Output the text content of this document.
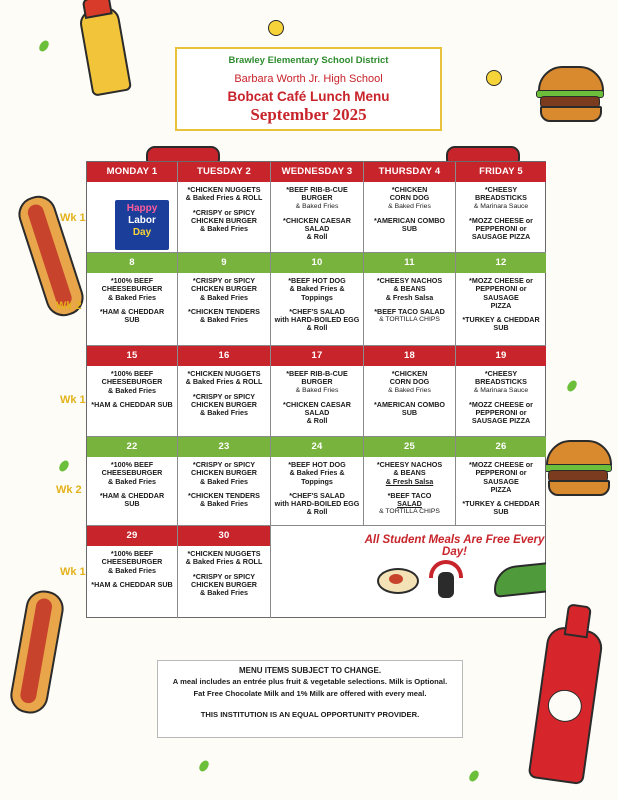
Wk 1
Wk 2
Wk 1
Wk 2
Wk 1
Brawley Elementary School District
Barbara Worth Jr. High School
Bobcat Café Lunch Menu
September 2025
All Student Meals Are Free Every Day!
MONDAY 1
Happy
Labor
Day
TUESDAY 2
*CHICKEN NUGGETS
& Baked Fries & ROLL
*CRISPY or SPICY
CHICKEN BURGER
& Baked Fries
WEDNESDAY 3
*BEEF RIB-B-CUE BURGER
& Baked Fries
*CHICKEN CAESAR SALAD
& Roll
THURSDAY 4
*CHICKEN
CORN DOG
& Baked Fries
*AMERICAN COMBO
SUB
FRIDAY 5
*CHEESY BREADSTICKS
& Marinara Sauce
*MOZZ CHEESE or
PEPPERONI or
SAUSAGE PIZZA
8
*100% BEEF
CHEESEBURGER
& Baked Fries
*HAM & CHEDDAR
SUB
9
*CRISPY or SPICY
CHICKEN BURGER
& Baked Fries
*CHICKEN TENDERS
& Baked Fries
10
*BEEF HOT DOG
& Baked Fries & Toppings
*CHEF'S SALAD
with HARD-BOILED EGG & Roll
11
*CHEESY NACHOS
& BEANS
& Fresh Salsa
*BEEF TACO SALAD
& TORTILLA CHIPS
12
*MOZZ CHEESE or
PEPPERONI or SAUSAGE
PIZZA
*TURKEY & CHEDDAR
SUB
15
*100% BEEF
CHEESEBURGER
& Baked Fries
*HAM & CHEDDAR SUB
16
*CHICKEN NUGGETS
& Baked Fries & ROLL
*CRISPY or SPICY
CHICKEN BURGER
& Baked Fries
17
*BEEF RIB-B-CUE BURGER
& Baked Fries
*CHICKEN CAESAR SALAD
& Roll
18
*CHICKEN
CORN DOG
& Baked Fries
*AMERICAN COMBO
SUB
19
*CHEESY BREADSTICKS
& Marinara Sauce
*MOZZ CHEESE or
PEPPERONI or
SAUSAGE PIZZA
22
*100% BEEF
CHEESEBURGER
& Baked Fries
*HAM & CHEDDAR
SUB
23
*CRISPY or SPICY
CHICKEN BURGER
& Baked Fries
*CHICKEN TENDERS
& Baked Fries
24
*BEEF HOT DOG
& Baked Fries & Toppings
*CHEF'S SALAD
with HARD-BOILED EGG & Roll
25
*CHEESY NACHOS
& BEANS
& Fresh Salsa
*BEEF TACO
SALAD
& TORTILLA CHIPS
26
*MOZZ CHEESE or
PEPPERONI or SAUSAGE
PIZZA
*TURKEY & CHEDDAR
SUB
29
*100% BEEF
CHEESEBURGER
& Baked Fries
*HAM & CHEDDAR SUB
30
*CHICKEN NUGGETS
& Baked Fries & ROLL
*CRISPY or SPICY
CHICKEN BURGER
& Baked Fries
MENU ITEMS SUBJECT TO CHANGE.
A meal includes an entrée plus fruit & vegetable selections. Milk is Optional.
Fat Free Chocolate Milk and 1% Milk are offered with every meal.
THIS INSTITUTION IS AN EQUAL OPPORTUNITY PROVIDER.
